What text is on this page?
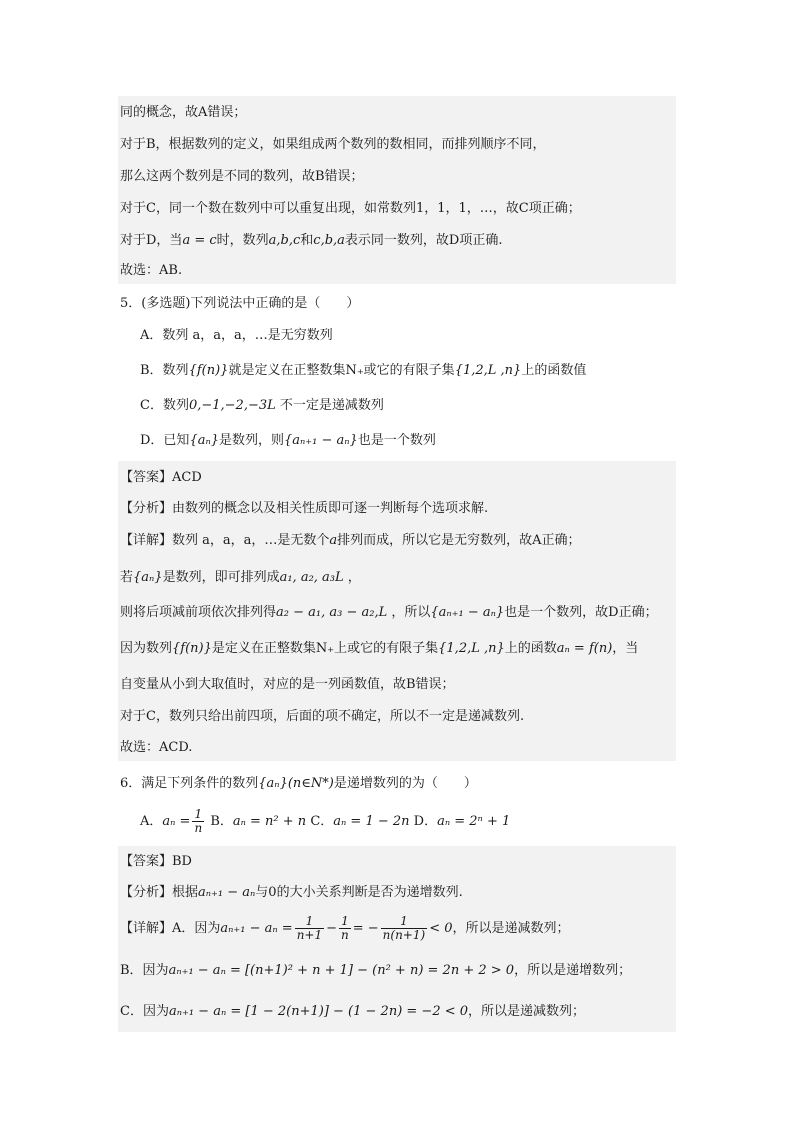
同的概念，故A错误；
对于B，根据数列的定义，如果组成两个数列的数相同，而排列顺序不同，
那么这两个数列是不同的数列，故B错误；
对于C，同一个数在数列中可以重复出现，如常数列1，1，1，…，故C项正确；
对于D，当a = c时，数列a,b,c和c,b,a表示同一数列，故D项正确.
故选：AB.
5．(多选题)下列说法中正确的是（　　）
A．数列 a，a，a，…是无穷数列
B．数列{f(n)}就是定义在正整数集N₊或它的有限子集{1,2,L ,n}上的函数值
C．数列0,−1,−2,−3L 不一定是递减数列
D．已知{aₙ}是数列，则{aₙ₊₁ − aₙ}也是一个数列
【答案】ACD
【分析】由数列的概念以及相关性质即可逐一判断每个选项求解.
【详解】数列 a，a，a，…是无数个a排列而成，所以它是无穷数列，故A正确；
若{aₙ}是数列，即可排列成a₁, a₂, a₃L ，
则将后项减前项依次排列得a₂ − a₁, a₃ − a₂,L ，所以{aₙ₊₁ − aₙ}也是一个数列，故D正确；
因为数列{f(n)}是定义在正整数集N₊上或它的有限子集{1,2,L ,n}上的函数aₙ = f(n)，当
自变量从小到大取值时，对应的是一列函数值，故B错误；
对于C，数列只给出前四项，后面的项不确定，所以不一定是递减数列.
故选：ACD.
6．满足下列条件的数列{aₙ}(n∈N*)是递增数列的为（　　）
A．$a_n = \frac{1}{n}$ B．aₙ = n² + n C．aₙ = 1 − 2n D．aₙ = 2ⁿ + 1
【答案】BD
【分析】根据aₙ₊₁ − aₙ与0的大小关系判断是否为递增数列.
【详解】A．因为$a_{n+1} - a_n = \frac{1}{n+1} - \frac{1}{n}$ = − $\frac{1}{n(n+1)} < 0$，所以是递减数列；
B．因为aₙ₊₁ − aₙ = [(n+1)² + n + 1] − (n² + n) = 2n + 2 > 0，所以是递增数列；
C．因为aₙ₊₁ − aₙ = [1 − 2(n+1)] − (1 − 2n) = −2 < 0，所以是递减数列；
